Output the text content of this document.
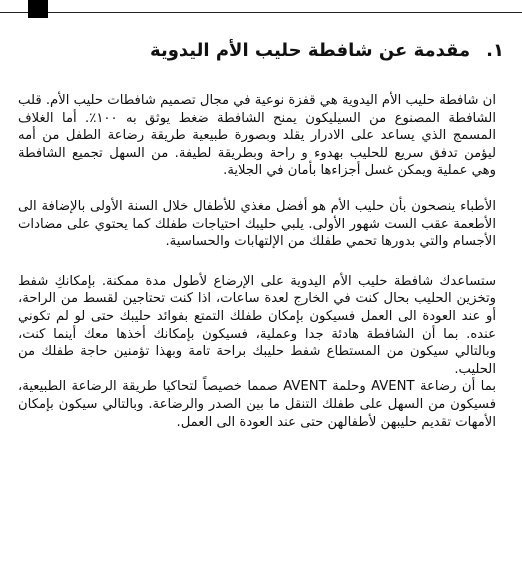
١.
مقدمة عن شافطة حليب الأم اليدوية

ان شافطة حليب الأم اليدوية هي قفزة نوعية في مجال تصميم شافطات حليب الأم. قلب الشافطة المصنوع من السيليكون يمنح الشافطة ضغط يوثق به ١٠٠٪. أما الغلاف المسمج الذي يساعد على الادرار يقلد وبصورة طبيعية طريقة رضاعة الطفل من أمه ليؤمن تدفق سريع للحليب بهدوء و راحة وبطريقة لطيفة. من السهل تجميع الشافطة وهي عملية ويمكن غسل أجزاءها بأمان في الجلاية.

الأطباء ينصحون بأن حليب الأم هو أفضل مغذي للأطفال خلال السنة الأولى بالإضافة الى الأطعمة عقب الست شهور الأولى. يلبي حليبك احتياجات طفلك كما يحتوي على مضادات الأجسام والتي بدورها تحمي طفلك من الإلتهابات والحساسية.

ستساعدك شافطة حليب الأم اليدوية على الإرضاع لأطول مدة ممكنة. بإمكانكِ شفط وتخزين الحليب بحال كنت في الخارج لعدة ساعات، اذا كنت تحتاجين لقسط من الراحة، أو عند العودة الى العمل فسيكون بإمكان طفلك التمتع بفوائد حليبك حتى لو لم تكوني عنده. بما أن الشافطة هادئة جدا وعملية، فسيكون بإمكانك أخذها معك أينما كنت، وبالتالي سيكون من المستطاع شفط حليبك براحة تامة وبهذا تؤمنين حاجة طفلك من الحليب.

بما أن رضاعة AVENT وحلمة AVENT صمما خصيصاً لتحاكيا طريقة الرضاعة الطبيعية، فسيكون من السهل على طفلك التنقل ما بين الصدر والرضاعة. وبالتالي سيكون بإمكان الأمهات تقديم حليبهن لأطفالهن حتى عند العودة الى العمل.
